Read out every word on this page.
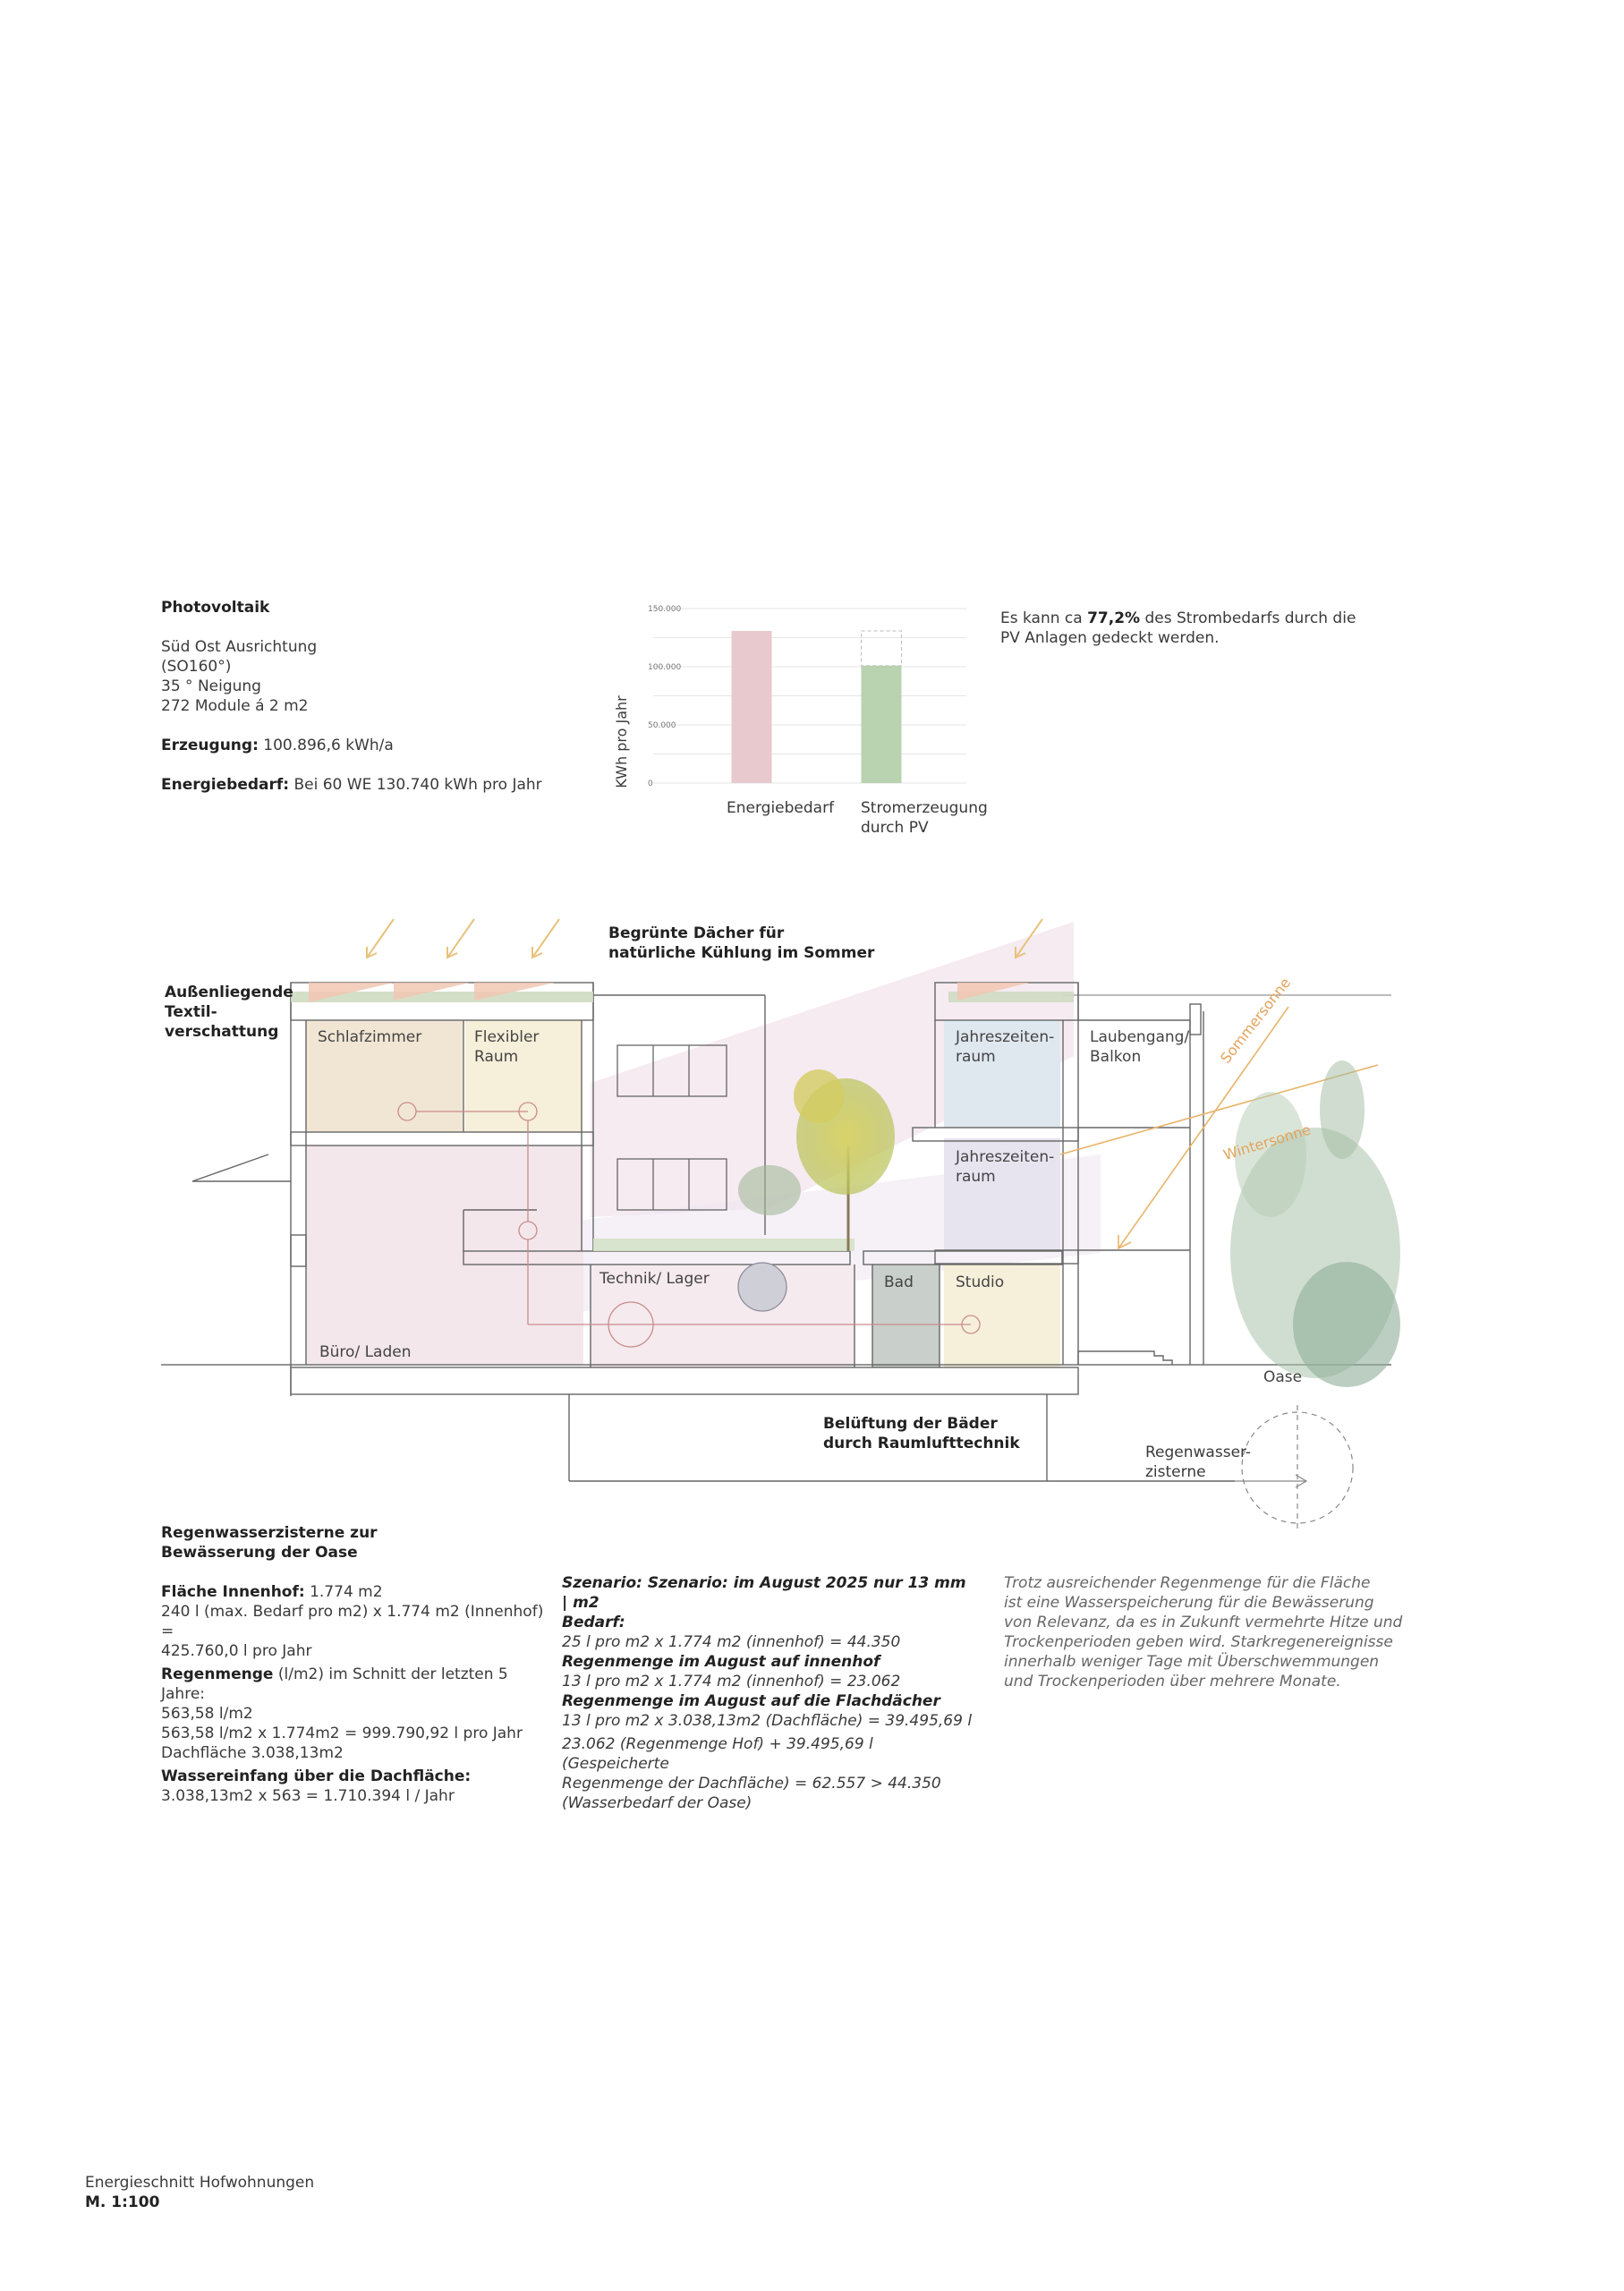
Photovoltaik
Süd Ost Ausrichtung
(SO160°)
35 ° Neigung
272 Module á 2 m2
Erzeugung: 100.896,6 kWh/a
Energiebedarf: Bei 60 WE 130.740 kWh pro Jahr	0
50.000
100.000
150.000
KWh pro Jahr
Energiebedarf Stromerzeugung
durch PV
Es kann ca 77,2% des Strombedarfs durch die
PV Anlagen gedeckt werden.
Begrünte Dächer für
natürliche Kühlung im Sommer
Außenliegende
Textil-
verschattung	Schlafzimmer	Flexibler
Raum
Jahreszeiten-
raum
Laubengang/
Balkon
Jahreszeiten-
raum
Technik/ Lager	Bad	Studio
Büro/ Laden
Oase
Sommersonne
Wintersonne
Belüftung der Bäder
durch Raumlufttechnik	Regenwasser-
zisterne
Regenwasserzisterne zur
Bewässerung der Oase
Fläche Innenhof: 1.774 m2
240 l (max. Bedarf pro m2) x 1.774 m2 (Innenhof) =
425.760,0 l pro Jahr
Regenmenge (l/m2) im Schnitt der letzten 5 Jahre:
563,58 l/m2
563,58 l/m2 x 1.774m2 = 999.790,92 l pro Jahr
Dachfläche 3.038,13m2
Wassereinfang über die Dachfläche:
3.038,13m2 x 563 = 1.710.394 l / Jahr
Szenario: Szenario: im August 2025 nur 13 mm | m2
Bedarf:
25 l pro m2 x 1.774 m2 (innenhof) = 44.350
Regenmenge im August auf innenhof
13 l pro m2 x 1.774 m2 (innenhof) = 23.062
Regenmenge im August auf die Flachdächer
13 l pro m2 x 3.038,13m2 (Dachfläche) = 39.495,69 l
23.062 (Regenmenge Hof) + 39.495,69 l (Gespeicherte
Regenmenge der Dachfläche) = 62.557 > 44.350
(Wasserbedarf der Oase)
Trotz ausreichender Regenmenge für die Fläche
ist eine Wasserspeicherung für die Bewässerung
von Relevanz, da es in Zukunft vermehrte Hitze und
Trockenperioden geben wird. Starkregenereignisse
innerhalb weniger Tage mit Überschwemmungen
und Trockenperioden über mehrere Monate.
Energieschnitt Hofwohnungen
M. 1:100
